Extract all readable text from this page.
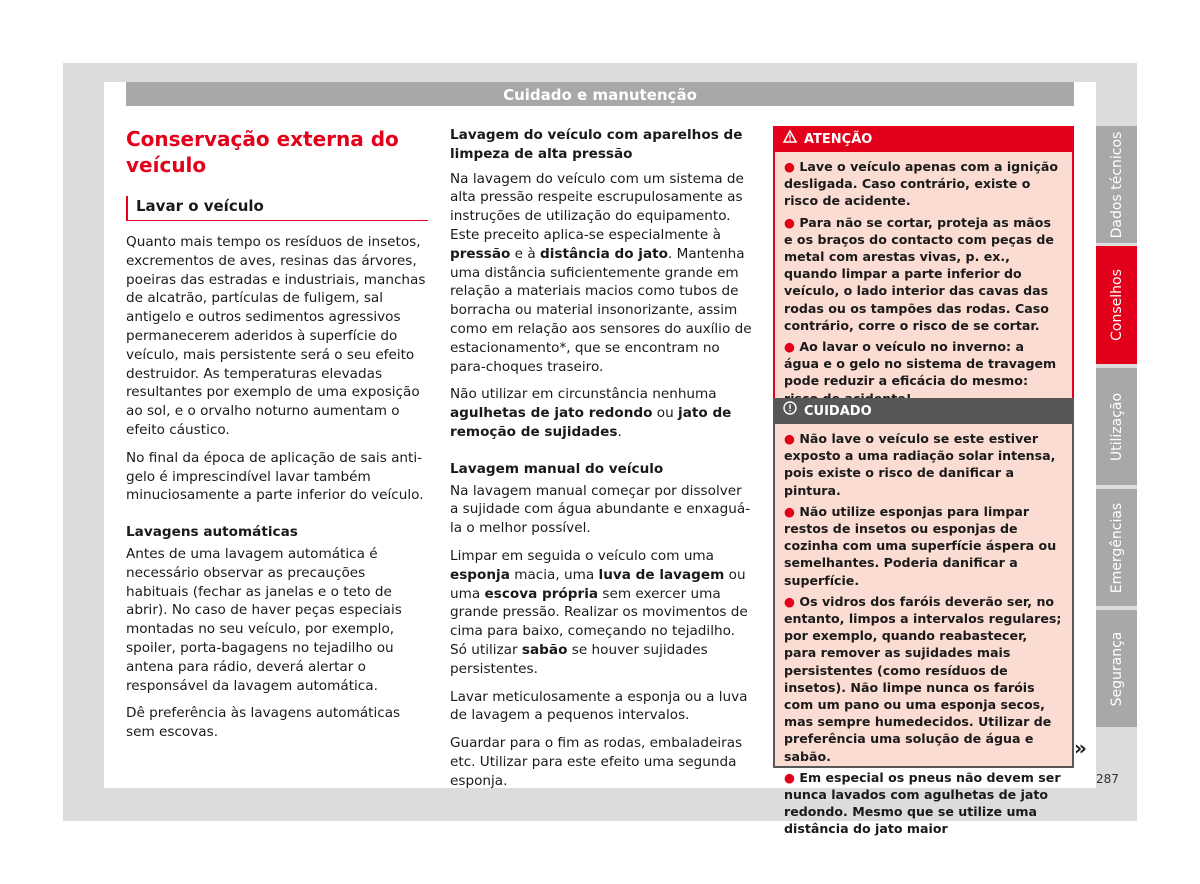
Cuidado e manutenção
Dados técnicos
Conselhos
Utilização
Emergências
Segurança
Conservação externa do veículo
Lavar o veículo

Quanto mais tempo os resíduos de insetos, excrementos de aves, resinas das árvores, poeiras das estradas e industriais, manchas de alcatrão, partículas de fuligem, sal antigelo e outros sedimentos agressivos permanecerem aderidos à superfície do veículo, mais persistente será o seu efeito destruidor. As temperaturas elevadas resultantes por exemplo de uma exposição ao sol, e o orvalho noturno aumentam o efeito cáustico.

No final da época de aplicação de sais anti-gelo é imprescindível lavar também minuciosamente a parte inferior do veículo.

Lavagens automáticas

Antes de uma lavagem automática é necessário observar as precauções habituais (fechar as janelas e o teto de abrir). No caso de haver peças especiais montadas no seu veículo, por exemplo, spoiler, porta-bagagens no tejadilho ou antena para rádio, deverá alertar o responsável da lavagem automática.

Dê preferência às lavagens automáticas sem escovas.

Lavagem do veículo com aparelhos de limpeza de alta pressão

Na lavagem do veículo com um sistema de alta pressão respeite escrupulosamente as instruções de utilização do equipamento. Este preceito aplica-se especialmente à pressão e à distância do jato. Mantenha uma distância suficientemente grande em relação a materiais macios como tubos de borracha ou material insonorizante, assim como em relação aos sensores do auxílio de estacionamento*, que se encontram no para-choques traseiro.

Não utilizar em circunstância nenhuma agulhetas de jato redondo ou jato de remoção de sujidades.

Lavagem manual do veículo

Na lavagem manual começar por dissolver a sujidade com água abundante e enxaguá-la o melhor possível.

Limpar em seguida o veículo com uma esponja macia, uma luva de lavagem ou uma escova própria sem exercer uma grande pressão. Realizar os movimentos de cima para baixo, começando no tejadilho. Só utilizar sabão se houver sujidades persistentes.

Lavar meticulosamente a esponja ou a luva de lavagem a pequenos intervalos.

Guardar para o fim as rodas, embaladeiras etc. Utilizar para este efeito uma segunda esponja.

ATENÇÃO

● Lave o veículo apenas com a ignição desligada. Caso contrário, existe o risco de acidente.

● Para não se cortar, proteja as mãos e os braços do contacto com peças de metal com arestas vivas, p. ex., quando limpar a parte inferior do veículo, o lado interior das cavas das rodas ou os tampões das rodas. Caso contrário, corre o risco de se cortar.

● Ao lavar o veículo no inverno: a água e o gelo no sistema de travagem pode reduzir a eficácia do mesmo:

CUIDADO

● Não lave o veículo se este estiver exposto a uma radiação solar intensa, pois existe o risco de danificar a pintura.

● Não utilize esponjas para limpar restos de insetos ou esponjas de cozinha com uma superfície áspera ou semelhantes. Poderia danificar a superfície.

● Os vidros dos faróis deverão ser, no entanto, limpos a intervalos regulares; por exemplo, quando reabastecer, para remover as sujidades mais persistentes (como resíduos de insetos). Não limpe nunca os faróis com um pano ou uma esponja secos, mas sempre humedecidos. Utilizar de preferência uma solução de água e sabão.

● Em especial os pneus não devem ser nunca lavados com agulhetas de jato redondo. Mesmo que se utilize uma distância do jato maior

»
287
